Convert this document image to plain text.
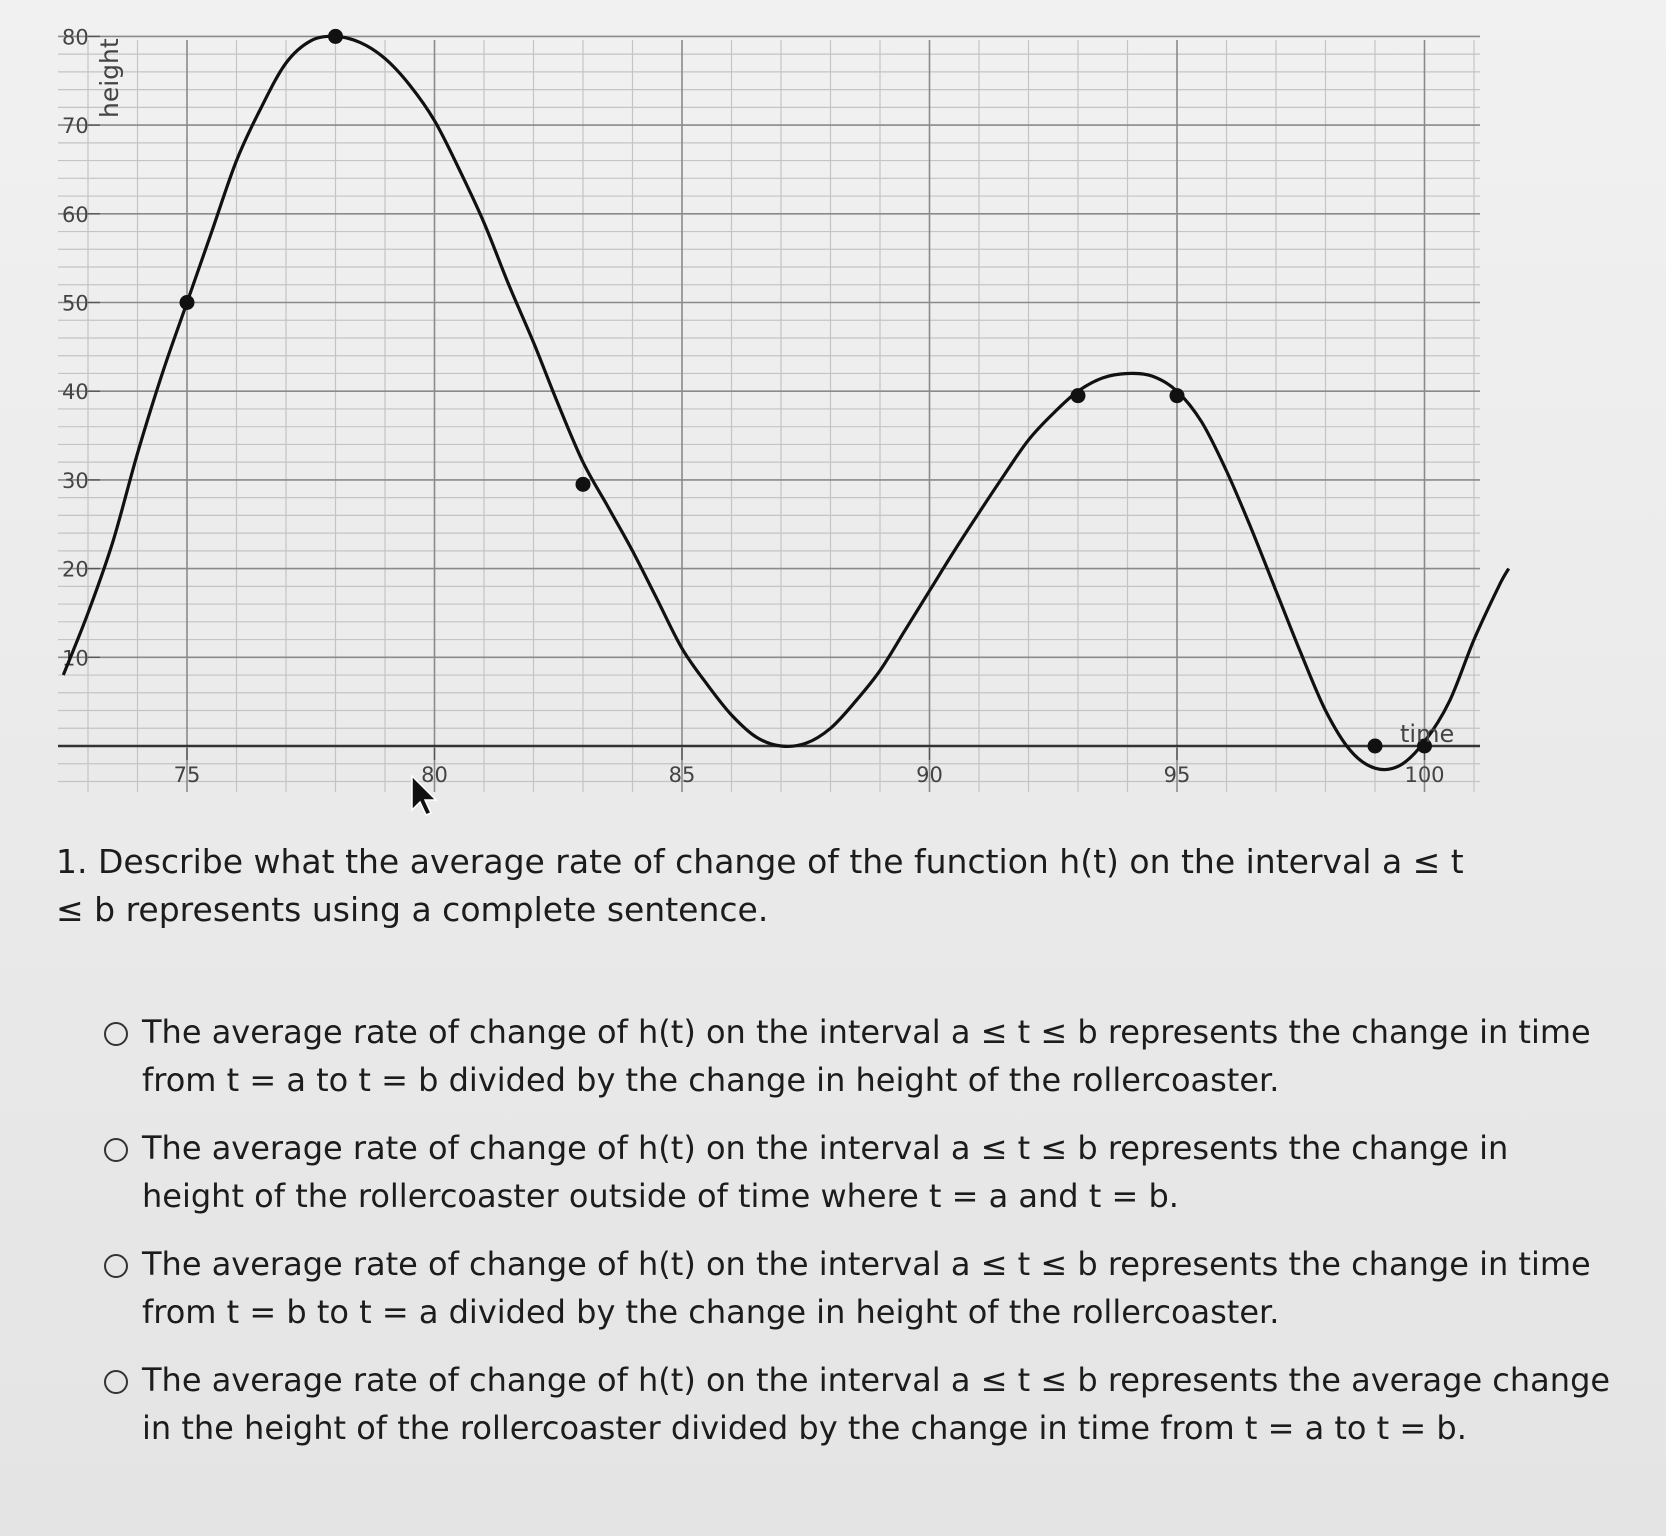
10
20
30
40
50
60
70
80
75	80	85	90	95	100
height
time
1. Describe what the average rate of change of the function h(t) on the interval a ≤ t ≤ b represents using a complete sentence.
The average rate of change of h(t) on the interval a ≤ t ≤ b represents the change in time from t = a to t = b divided by the change in height of the rollercoaster.
The average rate of change of h(t) on the interval a ≤ t ≤ b represents the change in height of the rollercoaster outside of time where t = a and t = b.
The average rate of change of h(t) on the interval a ≤ t ≤ b represents the change in time from t = b to t = a divided by the change in height of the rollercoaster.
The average rate of change of h(t) on the interval a ≤ t ≤ b represents the average change in the height of the rollercoaster divided by the change in time from t = a to t = b.
